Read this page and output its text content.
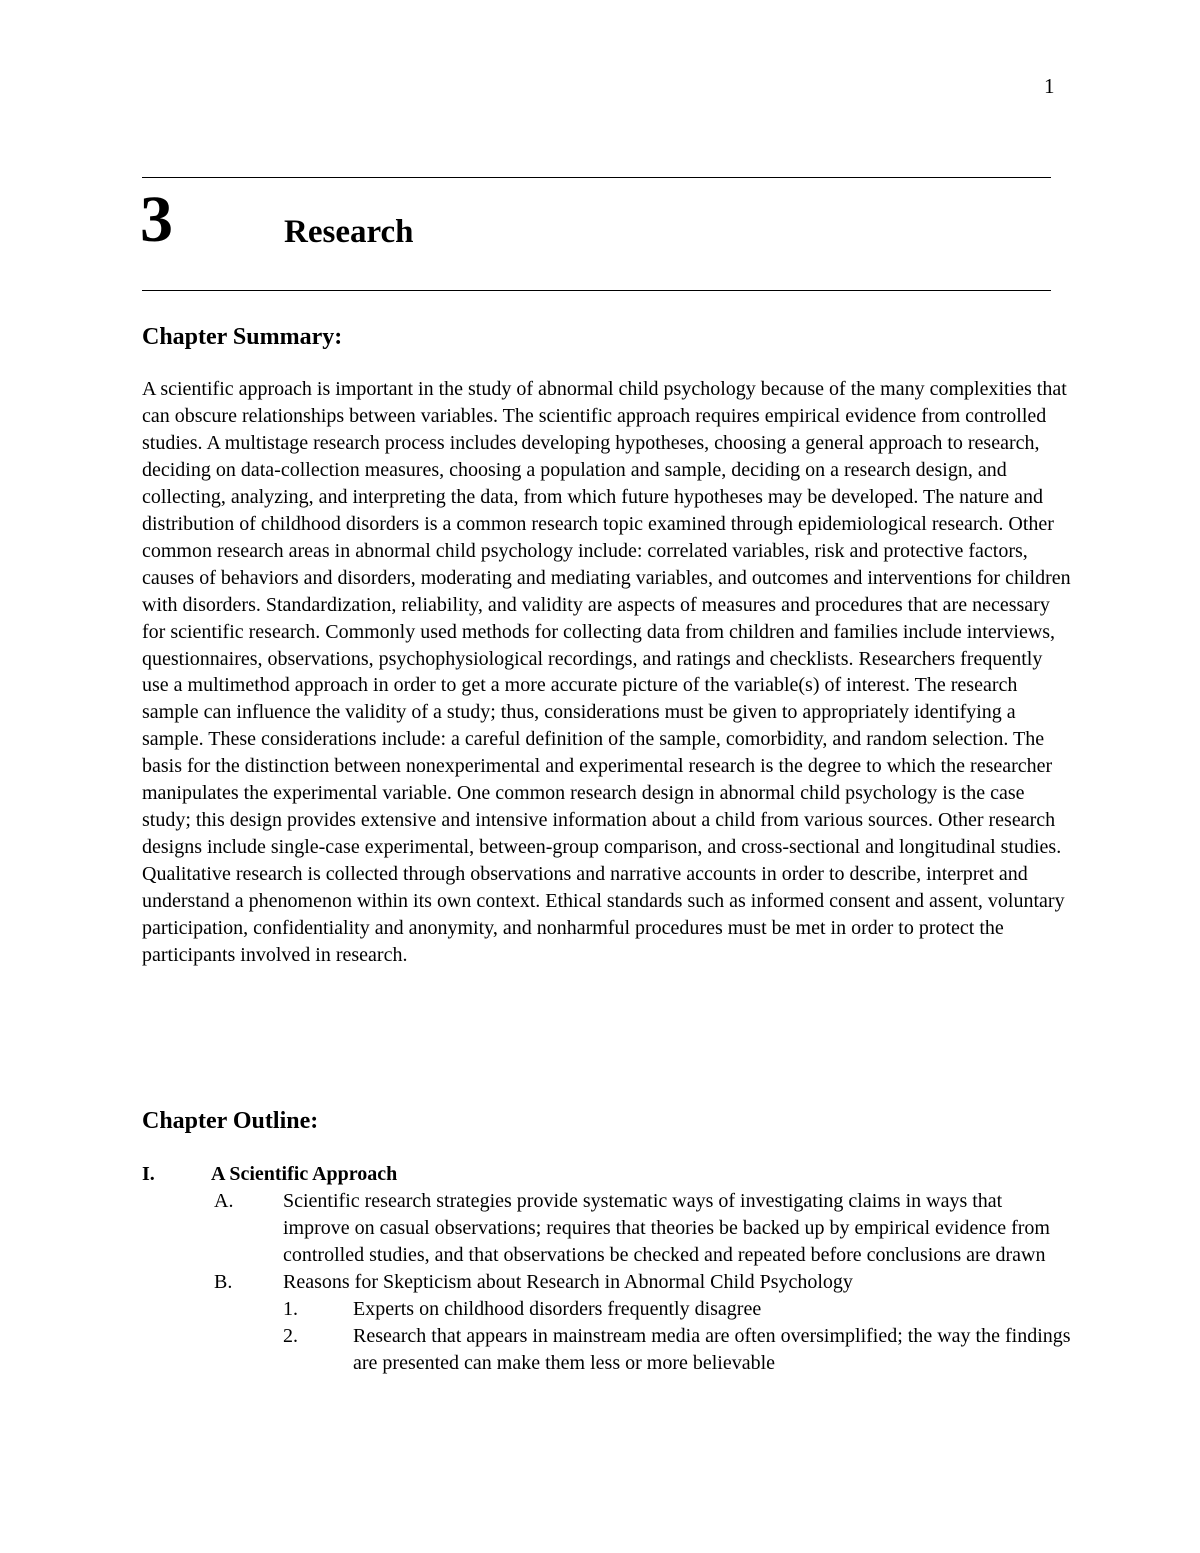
1
3	Research
Chapter Summary:

A scientific approach is important in the study of abnormal child psychology because of the many complexities that can obscure relationships between variables. The scientific approach requires empirical evidence from controlled studies. A multistage research process includes developing hypotheses, choosing a general approach to research, deciding on data-collection measures, choosing a population and sample, deciding on a research design, and collecting, analyzing, and interpreting the data, from which future hypotheses may be developed. The nature and distribution of childhood disorders is a common research topic examined through epidemiological research. Other common research areas in abnormal child psychology include: correlated variables, risk and protective factors, causes of behaviors and disorders, moderating and mediating variables, and outcomes and interventions for children with disorders. Standardization, reliability, and validity are aspects of measures and procedures that are necessary for scientific research. Commonly used methods for collecting data from children and families include interviews, questionnaires, observations, psychophysiological recordings, and ratings and checklists. Researchers frequently use a multimethod approach in order to get a more accurate picture of the variable(s) of interest. The research sample can influence the validity of a study; thus, considerations must be given to appropriately identifying a sample. These considerations include: a careful definition of the sample, comorbidity, and random selection. The basis for the distinction between nonexperimental and experimental research is the degree to which the researcher manipulates the experimental variable. One common research design in abnormal child psychology is the case study; this design provides extensive and intensive information about a child from various sources. Other research designs include single-case experimental, between-group comparison, and cross-sectional and longitudinal studies. Qualitative research is collected through observations and narrative accounts in order to describe, interpret and understand a phenomenon within its own context. Ethical standards such as informed consent and assent, voluntary participation, confidentiality and anonymity, and nonharmful procedures must be met in order to protect the participants involved in research.

Chapter Outline:
I.	A Scientific Approach
A. Scientific research strategies provide systematic ways of investigating claims in ways that improve on casual observations; requires that theories be backed up by empirical evidence from controlled studies, and that observations be checked and repeated before conclusions are drawn
B.	Reasons for Skepticism about Research in Abnormal Child Psychology
1.	Experts on childhood disorders frequently disagree
2.	Research that appears in mainstream media are often oversimplified; the way the findings are presented can make them less or more believable
